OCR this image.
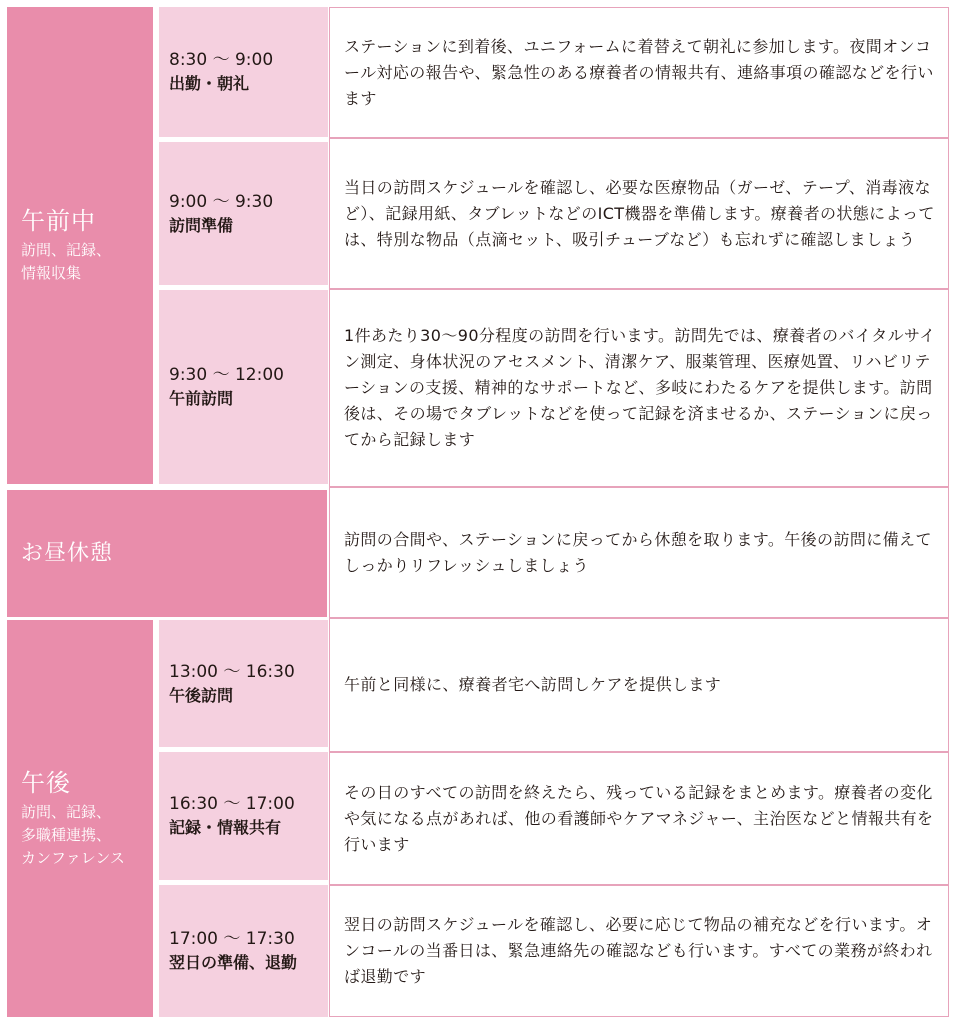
午前中
訪問、記録、
情報収集
8:30 ～ 9:00
出勤・朝礼
ステーションに到着後、ユニフォームに着替えて朝礼に参加します。夜間オンコール対応の報告や、緊急性のある療養者の情報共有、連絡事項の確認などを行います
9:00 ～ 9:30
訪問準備
当日の訪問スケジュールを確認し、必要な医療物品（ガーゼ、テープ、消毒液など）、記録用紙、タブレットなどのICT機器を準備します。療養者の状態によっては、特別な物品（点滴セット、吸引チューブなど）も忘れずに確認しましょう
9:30 ～ 12:00
午前訪問
1件あたり30～90分程度の訪問を行います。訪問先では、療養者のバイタルサイン測定、身体状況のアセスメント、清潔ケア、服薬管理、医療処置、リハビリテーションの支援、精神的なサポートなど、多岐にわたるケアを提供します。訪問後は、その場でタブレットなどを使って記録を済ませるか、ステーションに戻ってから記録します
お昼休憩
訪問の合間や、ステーションに戻ってから休憩を取ります。午後の訪問に備えてしっかりリフレッシュしましょう
午後
訪問、記録、
多職種連携、
カンファレンス
13:00 ～ 16:30
午後訪問
午前と同様に、療養者宅へ訪問しケアを提供します
16:30 ～ 17:00
記録・情報共有
その日のすべての訪問を終えたら、残っている記録をまとめます。療養者の変化や気になる点があれば、他の看護師やケアマネジャー、主治医などと情報共有を行います
17:00 ～ 17:30
翌日の準備、退勤
翌日の訪問スケジュールを確認し、必要に応じて物品の補充などを行います。オンコールの当番日は、緊急連絡先の確認なども行います。すべての業務が終われば退勤です
